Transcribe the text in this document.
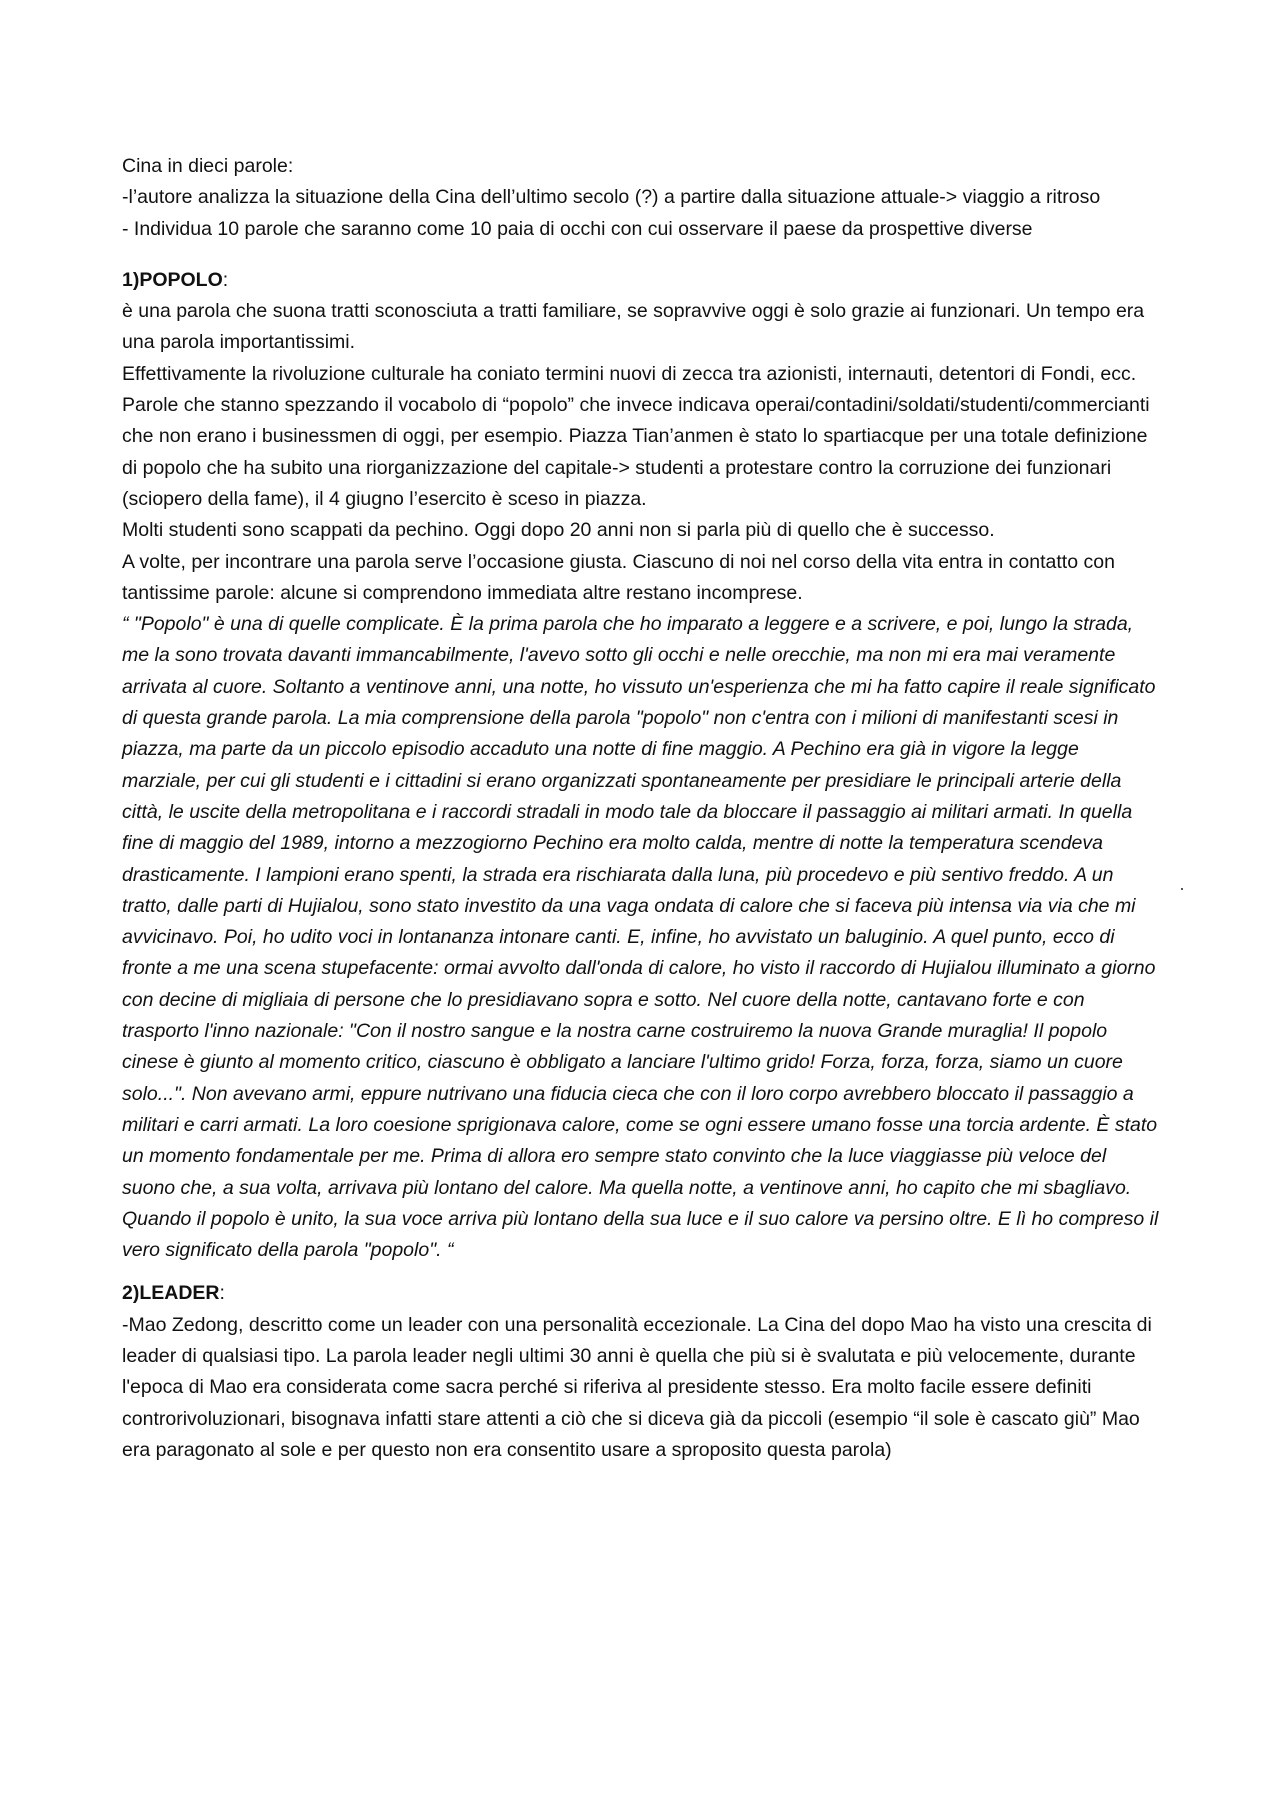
Cina in dieci parole:

-l’autore analizza la situazione della Cina dell’ultimo secolo (?) a partire dalla situazione attuale-> viaggio a ritroso

- Individua 10 parole che saranno come 10 paia di occhi con cui osservare il paese da prospettive diverse

1)POPOLO:

è una parola che suona tratti sconosciuta a tratti familiare, se sopravvive oggi è solo grazie ai funzionari. Un tempo era una parola importantissimi.

Effettivamente la rivoluzione culturale ha coniato termini nuovi di zecca tra azionisti, internauti, detentori di Fondi, ecc. Parole che stanno spezzando il vocabolo di “popolo” che invece indicava operai/contadini/soldati/studenti/commercianti che non erano i businessmen di oggi, per esempio. Piazza Tian’anmen è stato lo spartiacque per una totale definizione di popolo che ha subito una riorganizzazione del capitale-> studenti a protestare contro la corruzione dei funzionari (sciopero della fame), il 4 giugno l’esercito è sceso in piazza.

Molti studenti sono scappati da pechino. Oggi dopo 20 anni non si parla più di quello che è successo.

A volte, per incontrare una parola serve l’occasione giusta. Ciascuno di noi nel corso della vita entra in contatto con tantissime parole: alcune si comprendono immediata altre restano incomprese.

“ "Popolo" è una di quelle complicate. È la prima parola che ho imparato a leggere e a scrivere, e poi, lungo la strada, me la sono trovata davanti immancabilmente, l'avevo sotto gli occhi e nelle orecchie, ma non mi era mai veramente arrivata al cuore. Soltanto a ventinove anni, una notte, ho vissuto un'esperienza che mi ha fatto capire il reale significato di questa grande parola. La mia comprensione della parola "popolo" non c'entra con i milioni di manifestanti scesi in piazza, ma parte da un piccolo episodio accaduto una notte di fine maggio. A Pechino era già in vigore la legge marziale, per cui gli studenti e i cittadini si erano organizzati spontaneamente per presidiare le principali arterie della città, le uscite della metropolitana e i raccordi stradali in modo tale da bloccare il passaggio ai militari armati. In quella fine di maggio del 1989, intorno a mezzogiorno Pechino era molto calda, mentre di notte la temperatura scendeva drasticamente. I lampioni erano spenti, la strada era rischiarata dalla luna, più procedevo e più sentivo freddo. A un tratto, dalle parti di Hujialou, sono stato investito da una vaga ondata di calore che si faceva più intensa via via che mi avvicinavo. Poi, ho udito voci in lontananza intonare canti. E, infine, ho avvistato un baluginio. A quel punto, ecco di fronte a me una scena stupefacente: ormai avvolto dall'onda di calore, ho visto il raccordo di Hujialou illuminato a giorno con decine di migliaia di persone che lo presidiavano sopra e sotto. Nel cuore della notte, cantavano forte e con trasporto l'inno nazionale: "Con il nostro sangue e la nostra carne costruiremo la nuova Grande muraglia! Il popolo cinese è giunto al momento critico, ciascuno è obbligato a lanciare l'ultimo grido! Forza, forza, forza, siamo un cuore solo...". Non avevano armi, eppure nutrivano una fiducia cieca che con il loro corpo avrebbero bloccato il passaggio a militari e carri armati. La loro coesione sprigionava calore, come se ogni essere umano fosse una torcia ardente. È stato un momento fondamentale per me. Prima di allora ero sempre stato convinto che la luce viaggiasse più veloce del suono che, a sua volta, arrivava più lontano del calore. Ma quella notte, a ventinove anni, ho capito che mi sbagliavo. Quando il popolo è unito, la sua voce arriva più lontano della sua luce e il suo calore va persino oltre. E lì ho compreso il vero significato della parola "popolo". “

2)LEADER:

-Mao Zedong, descritto come un leader con una personalità eccezionale. La Cina del dopo Mao ha visto una crescita di leader di qualsiasi tipo. La parola leader negli ultimi 30 anni è quella che più si è svalutata e più velocemente, durante l'epoca di Mao era considerata come sacra perché si riferiva al presidente stesso. Era molto facile essere definiti controrivoluzionari, bisognava infatti stare attenti a ciò che si diceva già da piccoli (esempio “il sole è cascato giù” Mao era paragonato al sole e per questo non era consentito usare a sproposito questa parola)
